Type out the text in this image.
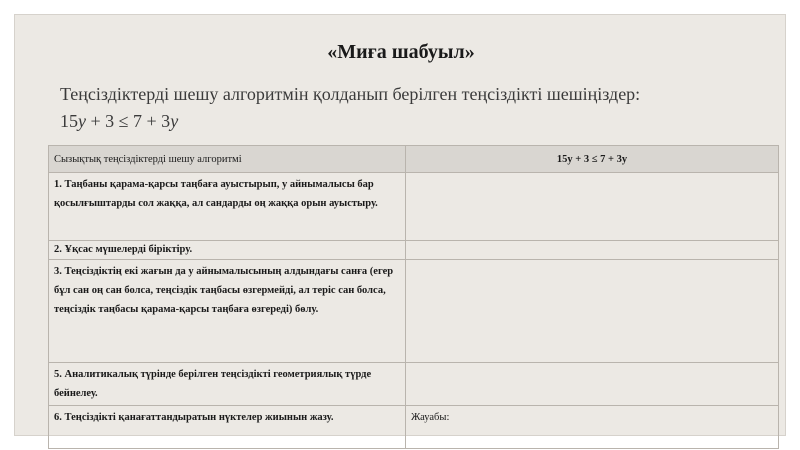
«Миға шабуыл»
Теңсіздіктерді шешу алгоритмін қолданып берілген теңсіздікті шешіңіздер:
15y + 3 ≤ 7 + 3y
Сызықтық теңсіздіктерді шешу алгоритмі	15y + 3 ≤ 7 + 3y
1. Таңбаны қарама-қарсы таңбаға ауыстырып, у айнымалысы бар қосылғыштарды сол жаққа, ал сандарды оң жаққа орын ауыстыру.	
2. Ұқсас мүшелерді біріктіру.	
3. Теңсіздіктің екі жағын да у айнымалысының алдындағы санға (егер бұл сан оң сан болса, теңсіздік таңбасы өзгермейді, ал теріс сан болса, теңсіздік таңбасы қарама-қарсы таңбаға өзгереді) бөлу.	
5. Аналитикалық түрінде берілген теңсіздікті геометриялық түрде бейнелеу.	
6. Теңсіздікті қанағаттандыратын нүктелер жиынын жазу.	Жауабы:
